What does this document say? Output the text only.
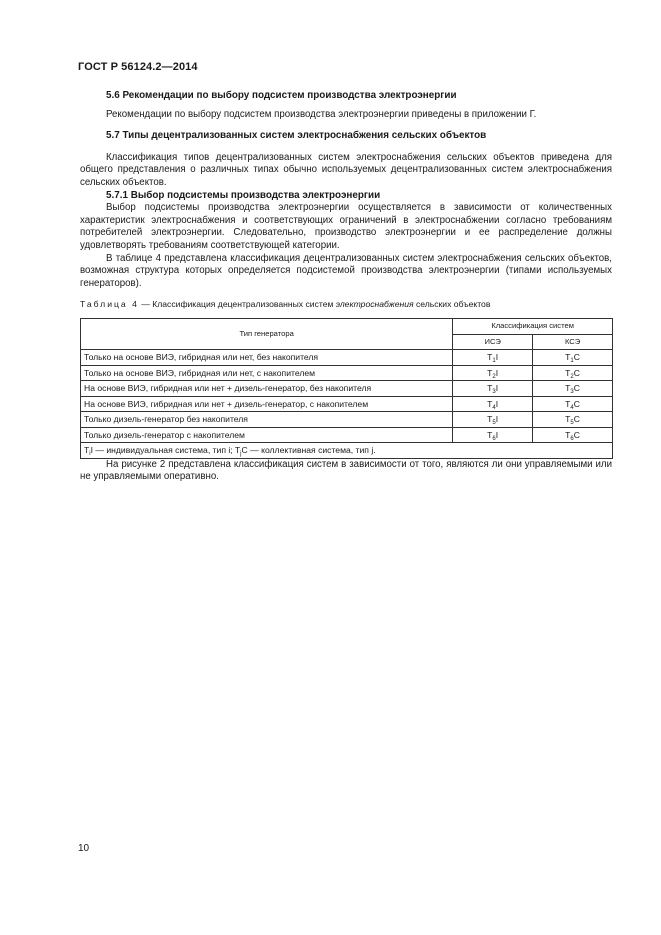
ГОСТ Р 56124.2—2014
5.6 Рекомендации по выбору подсистем производства электроэнергии

Рекомендации по выбору подсистем производства электроэнергии приведены в приложении Г.

5.7 Типы децентрализованных систем электроснабжения сельских объектов

Классификация типов децентрализованных систем электроснабжения сельских объектов приведена для общего представления о различных типах обычно используемых децентрализованных систем электроснабжения сельских объектов.

5.7.1 Выбор подсистемы производства электроэнергии

Выбор подсистемы производства электроэнергии осуществляется в зависимости от количественных характеристик электроснабжения и соответствующих ограничений в электроснабжении согласно требованиям потребителей электроэнергии. Следовательно, производство электроэнергии и ее распределение должны удовлетворять требованиям соответствующей категории.

В таблице 4 представлена классификация децентрализованных систем электроснабжения сельских объектов, возможная структура которых определяется подсистемой производства электроэнергии (типами используемых генераторов).

Таблица 4 — Классификация децентрализованных систем электроснабжения сельских объектов
Тип генератора	Классификация систем	
	ИСЭ	КСЭ
Только на основе ВИЭ, гибридная или нет, без накопителя	$T_1I$	$T_1C$
Только на основе ВИЭ, гибридная или нет, с накопителем	$T_2I$	$T_2C$
На основе ВИЭ, гибридная или нет + дизель-генератор, без накопителя	$T_3I$	$T_3C$
На основе ВИЭ, гибридная или нет + дизель-генератор, с накопителем	$T_4I$	$T_4C$
Только дизель-генератор без накопителя	$T_5I$	$T_5C$
Только дизель-генератор с накопителем	$T_6I$	$T_6C$
$T_iI$ — индивидуальная система, тип i; $T_jC$ — коллективная система, тип j.		

На рисунке 2 представлена классификация систем в зависимости от того, являются ли они управляемыми или не управляемыми оперативно.

10
